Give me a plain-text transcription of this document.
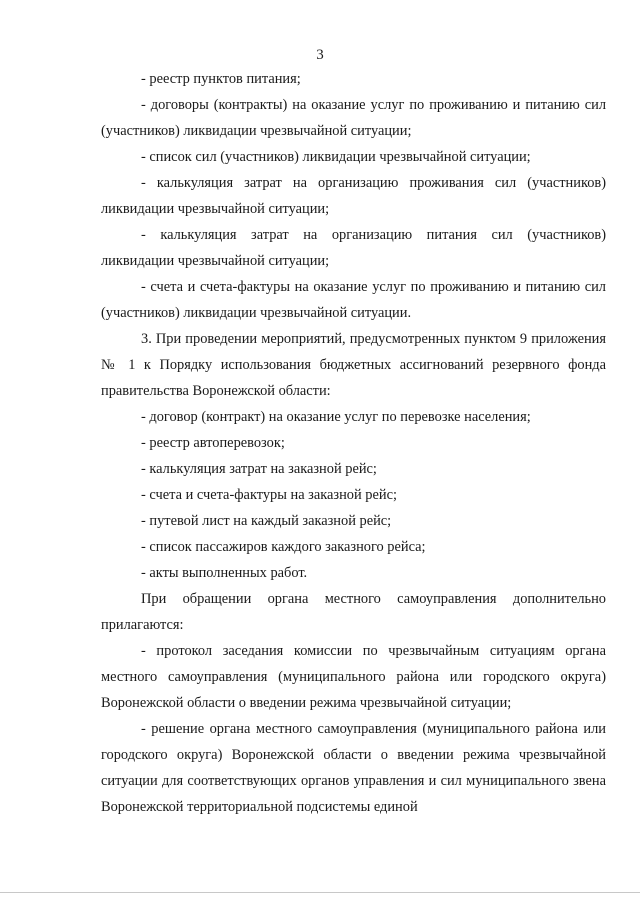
3

- реестр пунктов питания;

- договоры (контракты) на оказание услуг по проживанию и питанию сил (участников) ликвидации чрезвычайной ситуации;

- список сил (участников) ликвидации чрезвычайной ситуации;

- калькуляция затрат на организацию проживания сил (участников) ликвидации чрезвычайной ситуации;

- калькуляция затрат на организацию питания сил (участников) ликвидации чрезвычайной ситуации;

- счета и счета-фактуры на оказание услуг по проживанию и питанию сил (участников) ликвидации чрезвычайной ситуации.

3. При проведении мероприятий, предусмотренных пунктом 9 приложения № 1 к Порядку использования бюджетных ассигнований резервного фонда правительства Воронежской области:

- договор (контракт) на оказание услуг по перевозке населения;

- реестр автоперевозок;

- калькуляция затрат на заказной рейс;

- счета и счета-фактуры на заказной рейс;

- путевой лист на каждый заказной рейс;

- список пассажиров каждого заказного рейса;

- акты выполненных работ.

При обращении органа местного самоуправления дополнительно прилагаются:

- протокол заседания комиссии по чрезвычайным ситуациям органа местного самоуправления (муниципального района или городского округа) Воронежской области о введении режима чрезвычайной ситуации;

- решение органа местного самоуправления (муниципального района или городского округа) Воронежской области о введении режима чрезвычайной ситуации для соответствующих органов управления и сил муниципального звена Воронежской территориальной подсистемы единой
